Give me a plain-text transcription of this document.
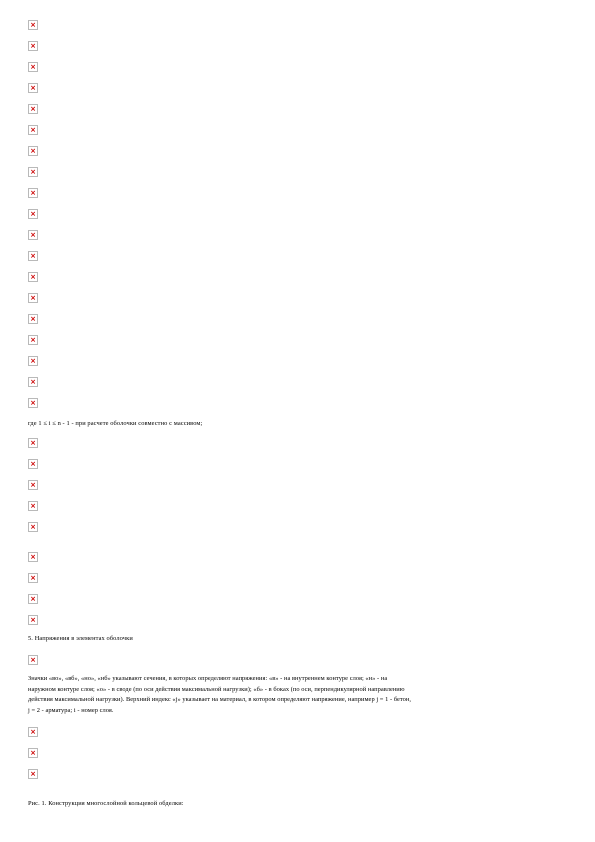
×
×
×
×
×
×
×
×
×
×
×
×
×
×
×
×
×
×
×
где 1 ≤ i ≤ n - 1 - при расчете оболочки совместно с массивом;
×
×
×
×
×
×
×
×
×
5. Напряжения в элементах оболочки
×
Значки «во», «вб», «но», «нб» указывают сечения, в которых определяют напряжения: «в» - на внутреннем контуре слоя; «н» - на
наружном контуре слоя; «о» - в своде (по оси действия максимальной нагрузки); «б» - в боках (по оси, перпендикулярной направлению
действия максимальной нагрузки). Верхний индекс «j» указывает на материал, в котором определяют напряжение, например j = 1 - бетон,
j = 2 - арматура; i - номер слоя.
×
×
×
Рис. 1. Конструкция многослойной кольцевой обделки:
